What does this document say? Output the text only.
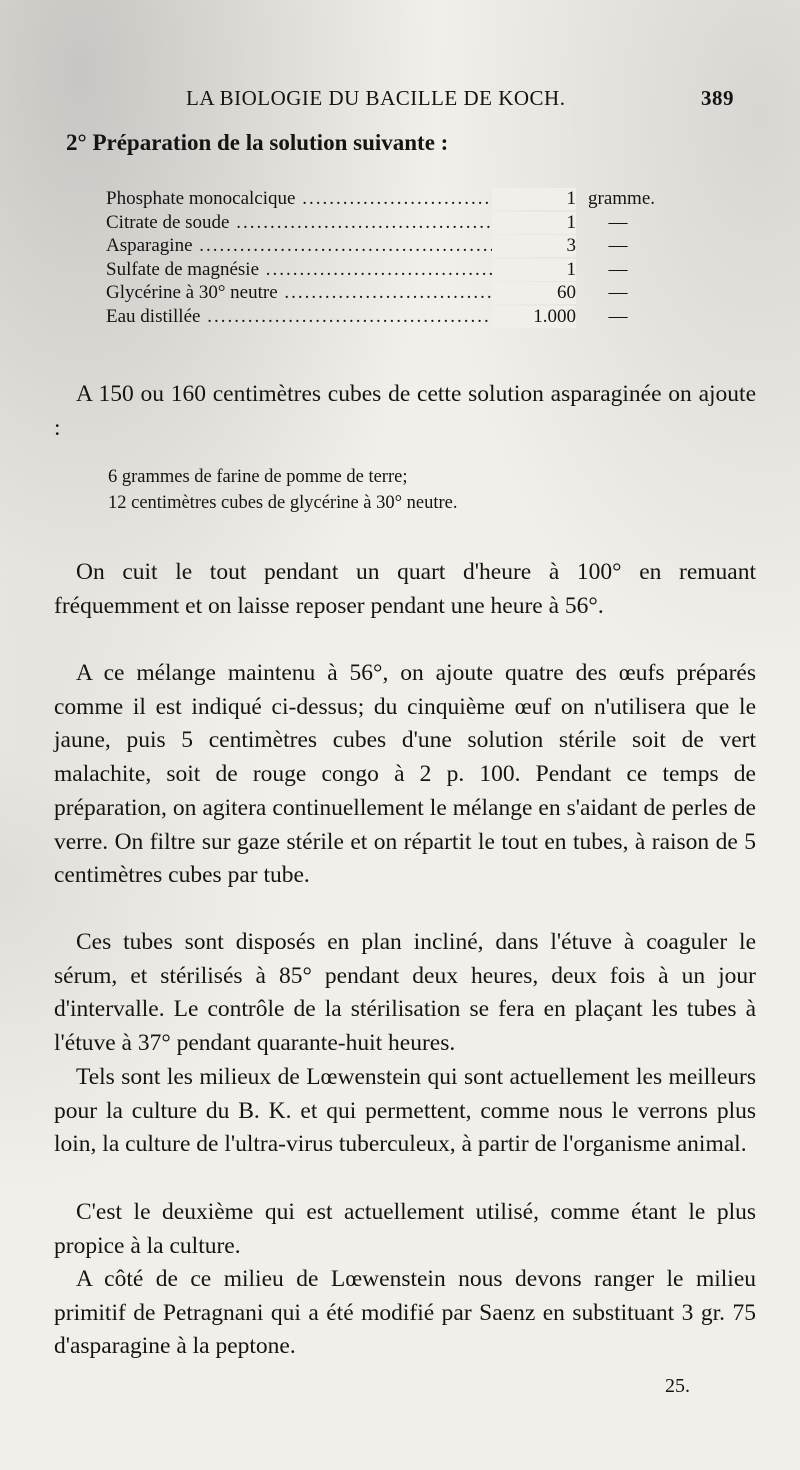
LA BIOLOGIE DU BACILLE DE KOCH.	389
2° Préparation de la solution suivante :
Phosphate monocalcique .....	1 gramme.
Citrate de soude .....	1	—
Asparagine .....	3	—
Sulfate de magnésie .....	1	—
Glycérine à 30° neutre .....	60	—
Eau distillée .....	1.000	—

A 150 ou 160 centimètres cubes de cette solution asparaginée on ajoute :

6 grammes de farine de pomme de terre;
12 centimètres cubes de glycérine à 30° neutre.

On cuit le tout pendant un quart d'heure à 100° en remuant fréquemment et on laisse reposer pendant une heure à 56°.

A ce mélange maintenu à 56°, on ajoute quatre des œufs préparés comme il est indiqué ci-dessus; du cinquième œuf on n'utilisera que le jaune, puis 5 centimètres cubes d'une solution stérile soit de vert malachite, soit de rouge congo à 2 p. 100. Pendant ce temps de préparation, on agitera continuellement le mélange en s'aidant de perles de verre. On filtre sur gaze stérile et on répartit le tout en tubes, à raison de 5 centimètres cubes par tube.

Ces tubes sont disposés en plan incliné, dans l'étuve à coaguler le sérum, et stérilisés à 85° pendant deux heures, deux fois à un jour d'intervalle. Le contrôle de la stérilisation se fera en plaçant les tubes à l'étuve à 37° pendant quarante-huit heures.

Tels sont les milieux de Lœwenstein qui sont actuellement les meilleurs pour la culture du B. K. et qui permettent, comme nous le verrons plus loin, la culture de l'ultra-virus tuberculeux, à partir de l'organisme animal.

C'est le deuxième qui est actuellement utilisé, comme étant le plus propice à la culture.

A côté de ce milieu de Lœwenstein nous devons ranger le milieu primitif de Petragnani qui a été modifié par Saenz en substituant 3 gr. 75 d'asparagine à la peptone.

25.
